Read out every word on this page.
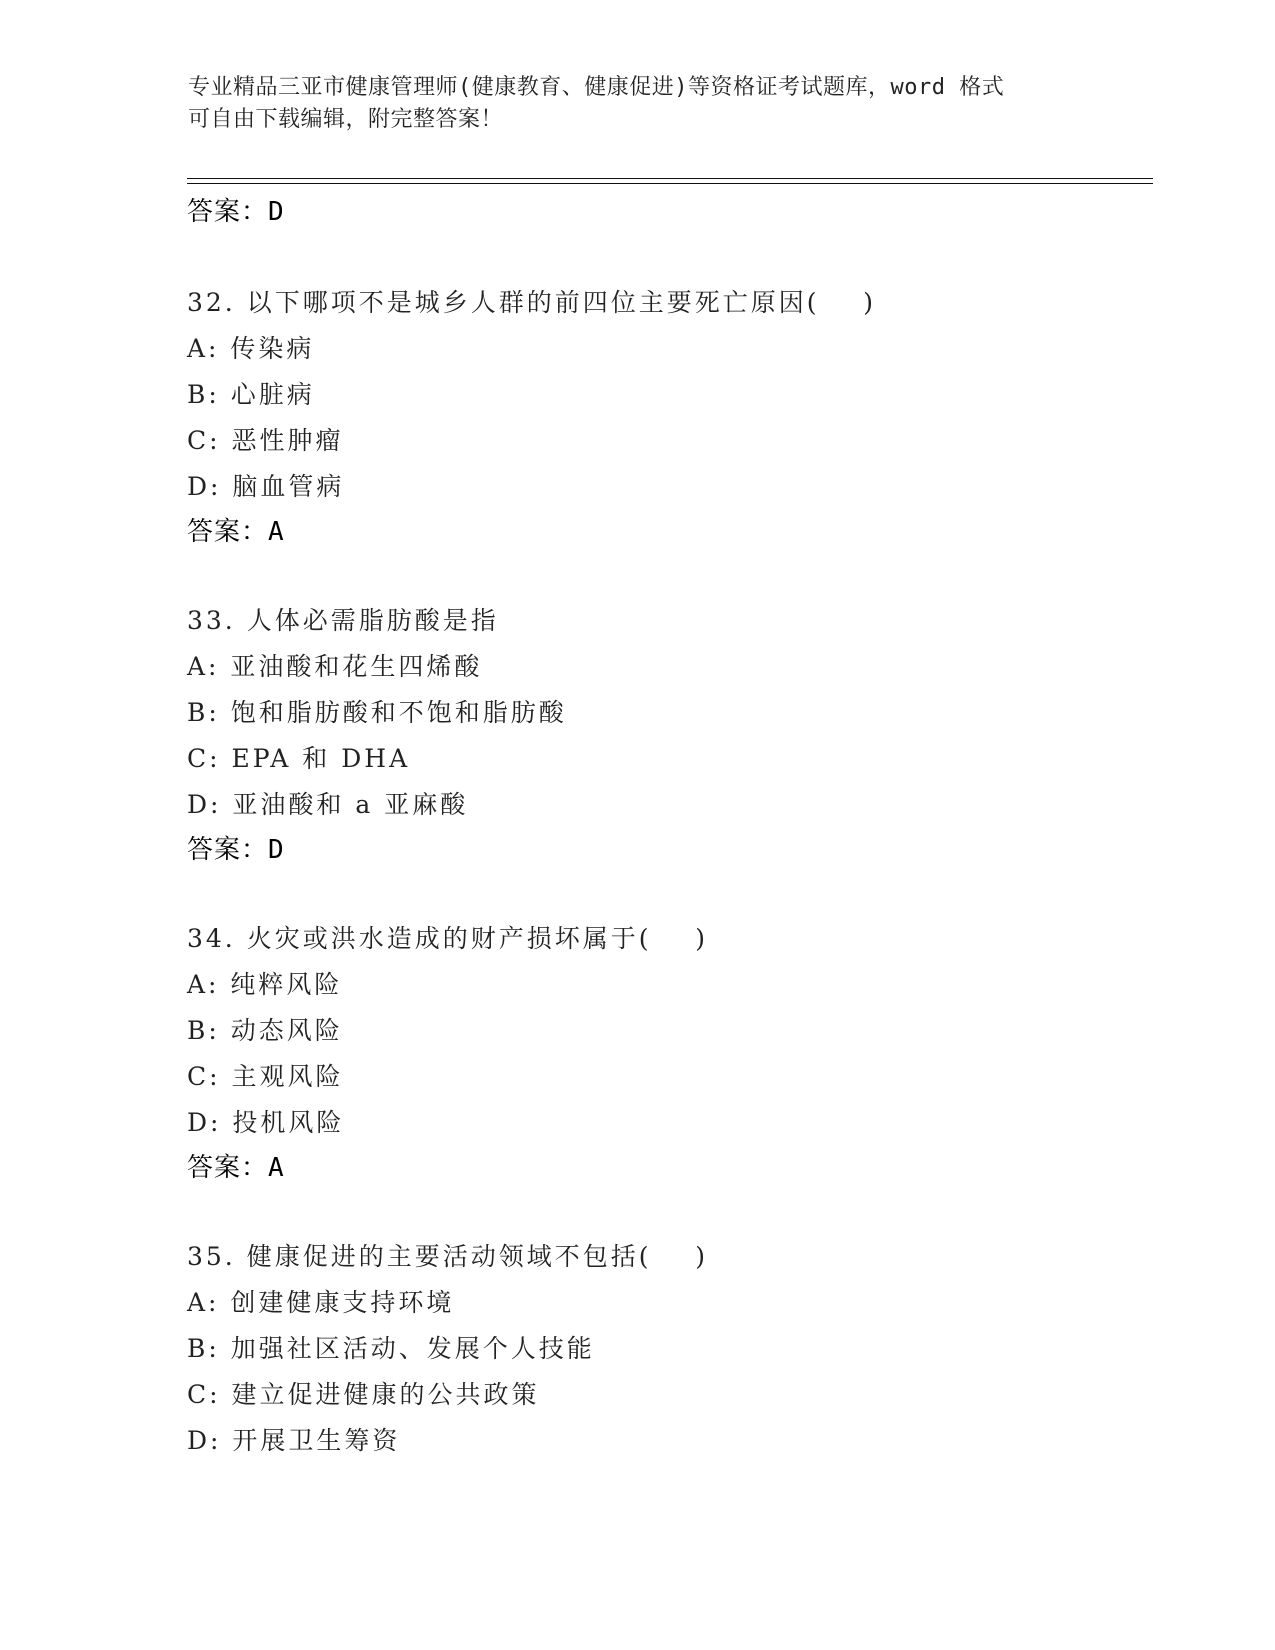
专业精品三亚市健康管理师(健康教育、健康促进)等资格证考试题库，word 格式
可自由下载编辑，附完整答案！
答案：D
32. 以下哪项不是城乡人群的前四位主要死亡原因(    )
A: 传染病
B: 心脏病
C: 恶性肿瘤
D: 脑血管病
答案：A
33. 人体必需脂肪酸是指
A: 亚油酸和花生四烯酸
B: 饱和脂肪酸和不饱和脂肪酸
C: EPA 和 DHA
D: 亚油酸和 a 亚麻酸
答案：D
34. 火灾或洪水造成的财产损坏属于(    )
A: 纯粹风险
B: 动态风险
C: 主观风险
D: 投机风险
答案：A
35. 健康促进的主要活动领域不包括(    )
A: 创建健康支持环境
B: 加强社区活动、发展个人技能
C: 建立促进健康的公共政策
D: 开展卫生筹资
